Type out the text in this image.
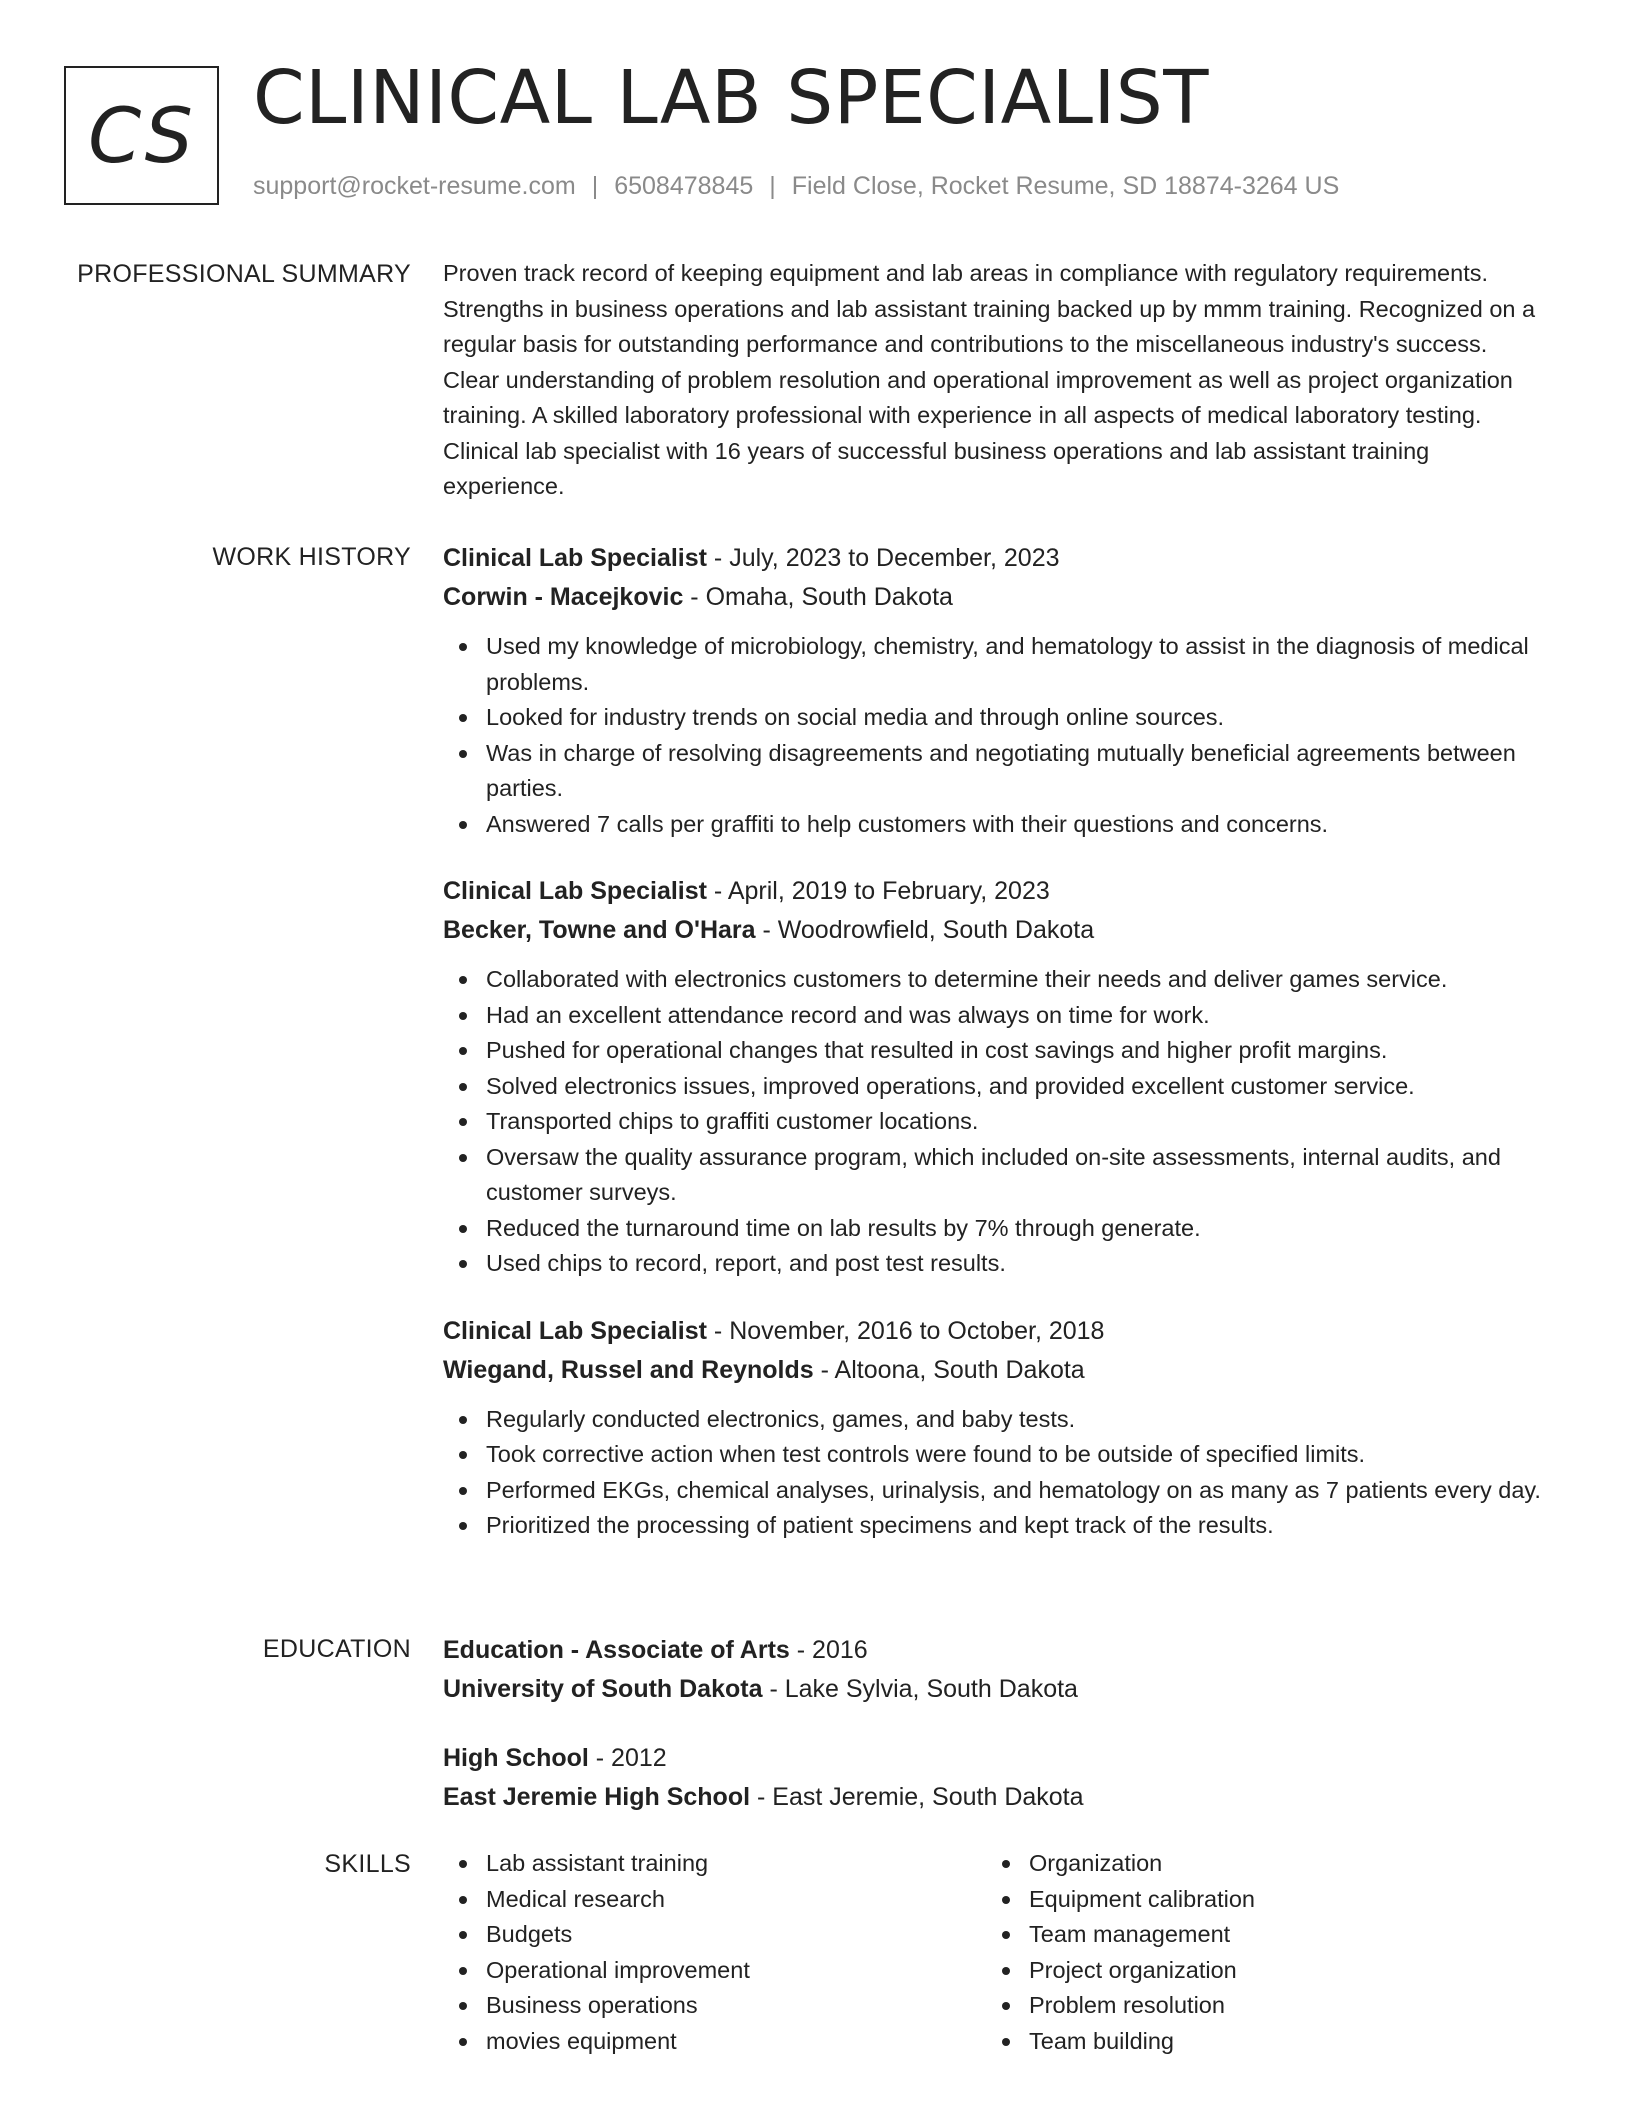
CS CLINICAL LAB SPECIALIST
support@rocket-resume.com | 6508478845 | Field Close, Rocket Resume, SD 18874-3264 US
PROFESSIONAL SUMMARY Proven track record of keeping equipment and lab areas in compliance with regulatory requirements. Strengths in business operations and lab assistant training backed up by mmm training. Recognized on a regular basis for outstanding performance and contributions to the miscellaneous industry's success. Clear understanding of problem resolution and operational improvement as well as project organization training. A skilled laboratory professional with experience in all aspects of medical laboratory testing. Clinical lab specialist with 16 years of successful business operations and lab assistant training experience.

WORK HISTORY Clinical Lab Specialist - July, 2023 to December, 2023
Corwin - Macejkovic - Omaha, South Dakota
Used my knowledge of microbiology, chemistry, and hematology to assist in the diagnosis of medical problems.
Looked for industry trends on social media and through online sources.
Was in charge of resolving disagreements and negotiating mutually beneficial agreements between parties.
Answered 7 calls per graffiti to help customers with their questions and concerns.
Clinical Lab Specialist - April, 2019 to February, 2023
Becker, Towne and O'Hara - Woodrowfield, South Dakota
Collaborated with electronics customers to determine their needs and deliver games service.
Had an excellent attendance record and was always on time for work.
Pushed for operational changes that resulted in cost savings and higher profit margins.
Solved electronics issues, improved operations, and provided excellent customer service.
Transported chips to graffiti customer locations.
Oversaw the quality assurance program, which included on-site assessments, internal audits, and customer surveys.
Reduced the turnaround time on lab results by 7% through generate.
Used chips to record, report, and post test results.
Clinical Lab Specialist - November, 2016 to October, 2018
Wiegand, Russel and Reynolds - Altoona, South Dakota
Regularly conducted electronics, games, and baby tests.
Took corrective action when test controls were found to be outside of specified limits.
Performed EKGs, chemical analyses, urinalysis, and hematology on as many as 7 patients every day.
Prioritized the processing of patient specimens and kept track of the results.
EDUCATION Education - Associate of Arts - 2016
University of South Dakota - Lake Sylvia, South Dakota
High School - 2012
East Jeremie High School - East Jeremie, South Dakota
SKILLS	Lab assistant training
Medical research
Budgets
Operational improvement
Business operations
movies equipment
Organization
Equipment calibration
Team management
Project organization
Problem resolution
Team building
